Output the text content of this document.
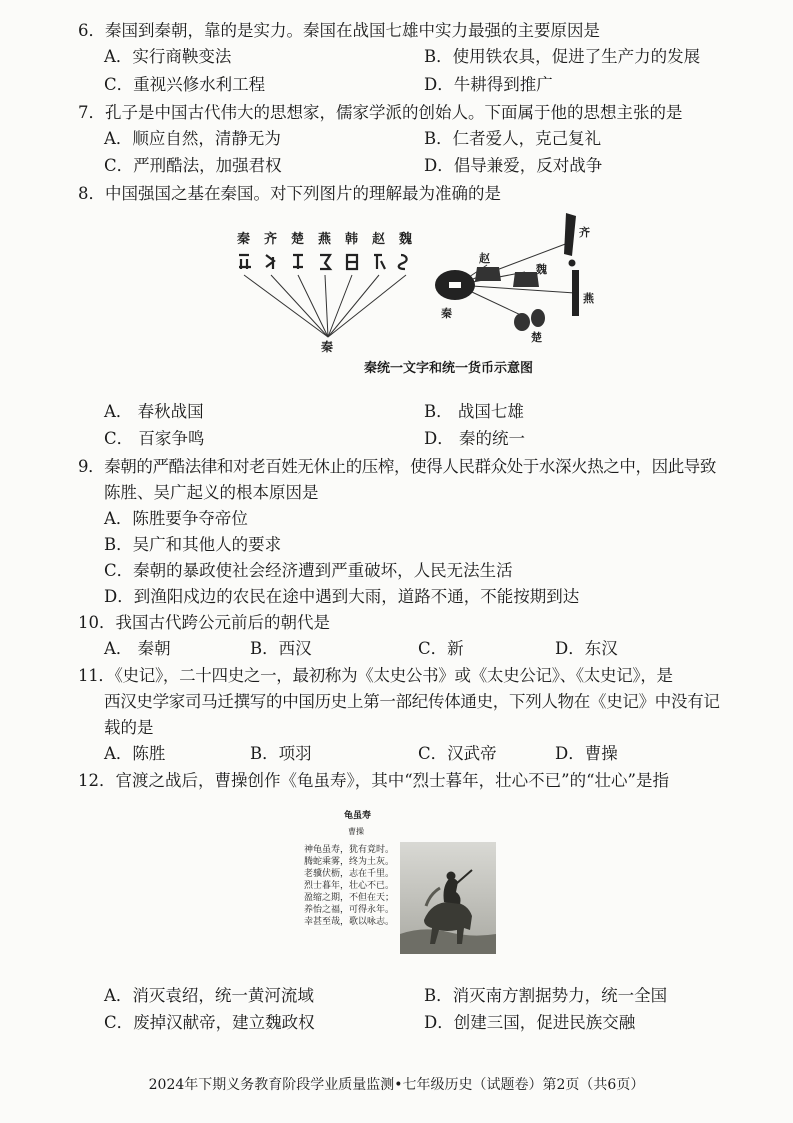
6．秦国到秦朝，靠的是实力。秦国在战国七雄中实力最强的主要原因是
A．实行商鞅变法	B．使用铁农具，促进了生产力的发展
C．重视兴修水利工程	D．牛耕得到推广
7．孔子是中国古代伟大的思想家，儒家学派的创始人。下面属于他的思想主张的是
A．顺应自然，清静无为	B．仁者爱人，克己复礼
C．严刑酷法，加强君权	D．倡导兼爱，反对战争
8．中国强国之基在秦国。对下列图片的理解最为准确的是
秦 齐 楚 燕 韩 赵 魏
秦
齐
赵
魏
燕
秦
楚
秦统一文字和统一货币示意图
A． 春秋战国	B． 战国七雄
C． 百家争鸣	D． 秦的统一
9．秦朝的严酷法律和对老百姓无休止的压榨，使得人民群众处于水深火热之中，因此导致
陈胜、吴广起义的根本原因是
A．陈胜要争夺帝位
B．吴广和其他人的要求
C．秦朝的暴政使社会经济遭到严重破坏，人民无法生活
D．到渔阳戍边的农民在途中遇到大雨，道路不通，不能按期到达
10．我国古代跨公元前后的朝代是
A． 秦朝	B．西汉	C．新	D．东汉
11．《史记》，二十四史之一，最初称为《太史公书》或《太史公记》、《太史记》，是
西汉史学家司马迁撰写的中国历史上第一部纪传体通史，下列人物在《史记》中没有记
载的是
A．陈胜	B．项羽	C．汉武帝	D．曹操
12．官渡之战后，曹操创作《龟虽寿》，其中“烈士暮年，壮心不已”的“壮心”是指
龟虽寿
曹操
神龟虽寿，犹有竟时。
腾蛇乘雾，终为土灰。
老骥伏枥，志在千里。
烈士暮年，壮心不已。
盈缩之期，不但在天；
养怡之福，可得永年。
幸甚至哉，歌以咏志。
A．消灭袁绍，统一黄河流域	B．消灭南方割据势力，统一全国
C．废掉汉献帝，建立魏政权	D．创建三国，促进民族交融
2024年下期义务教育阶段学业质量监测•七年级历史（试题卷）第2页（共6页）
